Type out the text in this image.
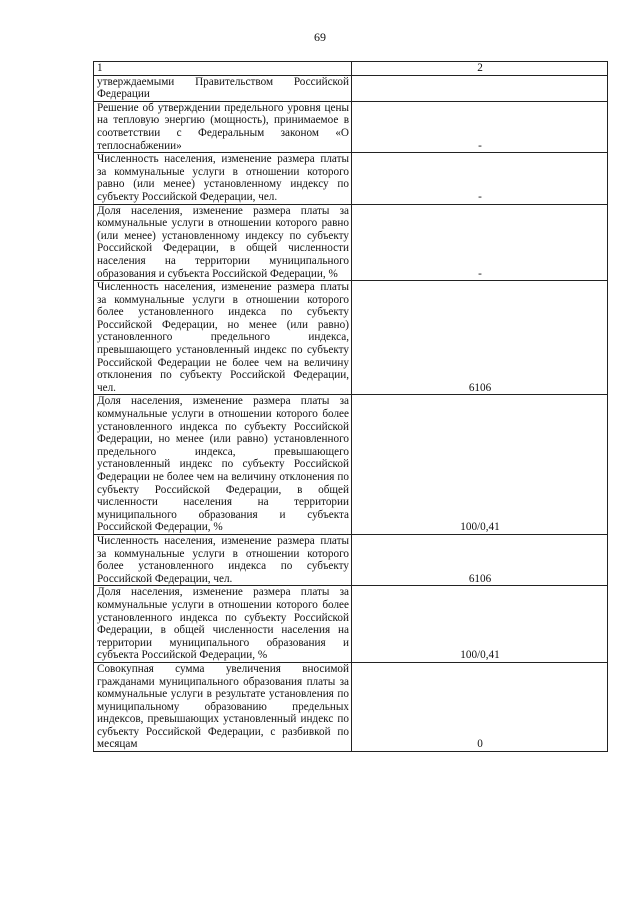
69
1	2
утверждаемыми Правительством Российской Федерации	
Решение об утверждении предельного уровня цены на тепловую энергию (мощность), принимаемое в соответствии с Федеральным законом «О теплоснабжении»	-
Численность населения, изменение размера платы за коммунальные услуги в отношении которого равно (или менее) установленному индексу по субъекту Российской Федерации, чел.	-
Доля населения, изменение размера платы за коммунальные услуги в отношении которого равно (или менее) установленному индексу по субъекту Российской Федерации, в общей численности населения на территории муниципального образования и субъекта Российской Федерации, %	-
Численность населения, изменение размера платы за коммунальные услуги в отношении которого более установленного индекса по субъекту Российской Федерации, но менее (или равно) установленного предельного индекса, превышающего установленный индекс по субъекту Российской Федерации не более чем на величину отклонения по субъекту Российской Федерации, чел.	6106
Доля населения, изменение размера платы за коммунальные услуги в отношении которого более установленного индекса по субъекту Российской Федерации, но менее (или равно) установленного предельного индекса, превышающего установленный индекс по субъекту Российской Федерации не более чем на величину отклонения по субъекту Российской Федерации, в общей численности населения на территории муниципального образования и субъекта Российской Федерации, %	100/0,41
Численность населения, изменение размера платы за коммунальные услуги в отношении которого более установленного индекса по субъекту Российской Федерации, чел.	6106
Доля населения, изменение размера платы за коммунальные услуги в отношении которого более установленного индекса по субъекту Российской Федерации, в общей численности населения на территории муниципального образования и субъекта Российской Федерации, %	100/0,41
Совокупная сумма увеличения вносимой гражданами муниципального образования платы за коммунальные услуги в результате установления по муниципальному образованию предельных индексов, превышающих установленный индекс по субъекту Российской Федерации, с разбивкой по месяцам	0
